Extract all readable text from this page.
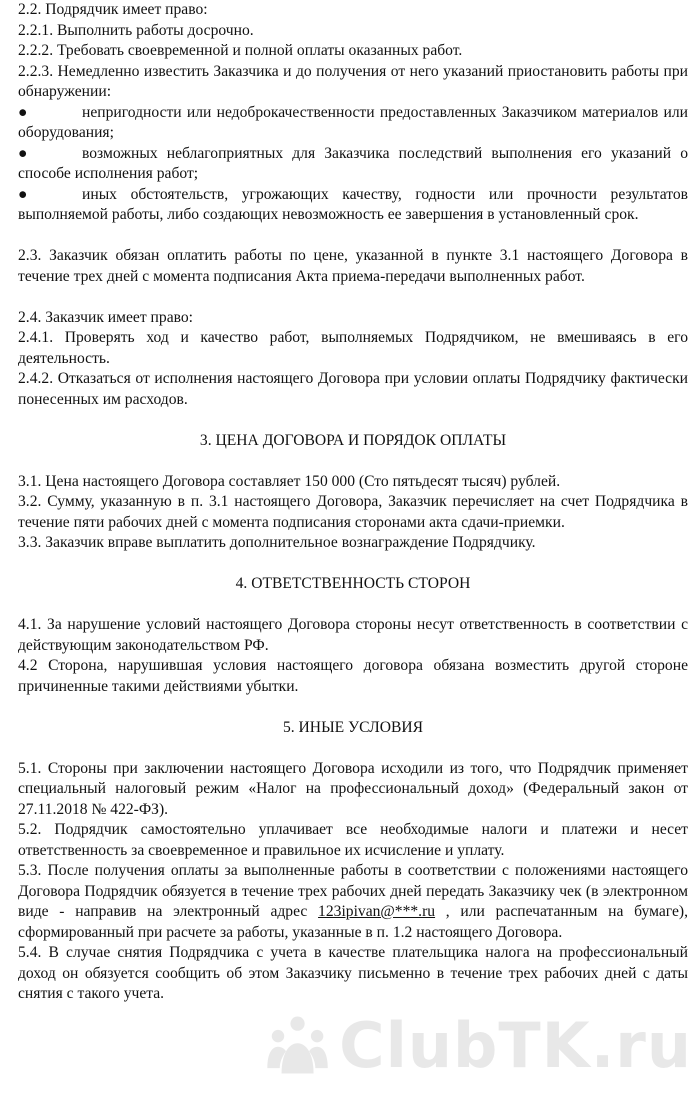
2.2. Подрядчик имеет право:

2.2.1. Выполнить работы досрочно.

2.2.2. Требовать своевременной и полной оплаты оказанных работ.

2.2.3. Немедленно известить Заказчика и до получения от него указаний приостановить работы при обнаружении:

●	непригодности или недоброкачественности предоставленных Заказчиком материалов или оборудования;

●	возможных неблагоприятных для Заказчика последствий выполнения его указаний о способе исполнения работ;

●	иных обстоятельств, угрожающих качеству, годности или прочности результатов выполняемой работы, либо создающих невозможность ее завершения в установленный срок.

2.3. Заказчик обязан оплатить работы по цене, указанной в пункте 3.1 настоящего Договора в течение трех дней с момента подписания Акта приема-передачи выполненных работ.

2.4. Заказчик имеет право:

2.4.1. Проверять ход и качество работ, выполняемых Подрядчиком, не вмешиваясь в его деятельность.

2.4.2. Отказаться от исполнения настоящего Договора при условии оплаты Подрядчику фактически понесенных им расходов.

3. ЦЕНА ДОГОВОРА И ПОРЯДОК ОПЛАТЫ

3.1. Цена настоящего Договора составляет 150 000 (Сто пятьдесят тысяч) рублей.

3.2. Сумму, указанную в п. 3.1 настоящего Договора, Заказчик перечисляет на счет Подрядчика в течение пяти рабочих дней с момента подписания сторонами акта сдачи-приемки.

3.3. Заказчик вправе выплатить дополнительное вознаграждение Подрядчику.

4. ОТВЕТСТВЕННОСТЬ СТОРОН

4.1. За нарушение условий настоящего Договора стороны несут ответственность в соответствии с действующим законодательством РФ.

4.2 Сторона, нарушившая условия настоящего договора обязана возместить другой стороне причиненные такими действиями убытки.

5. ИНЫЕ УСЛОВИЯ

5.1. Стороны при заключении настоящего Договора исходили из того, что Подрядчик применяет специальный налоговый режим «Налог на профессиональный доход» (Федеральный закон от 27.11.2018 № 422-ФЗ).

5.2. Подрядчик самостоятельно уплачивает все необходимые налоги и платежи и несет ответственность за своевременное и правильное их исчисление и уплату.

5.3. После получения оплаты за выполненные работы в соответствии с положениями настоящего Договора Подрядчик обязуется в течение трех рабочих дней передать Заказчику чек (в электронном виде - направив на электронный адрес 123ipivan@***.ru , или распечатанным на бумаге), сформированный при расчете за работы, указанные в п. 1.2 настоящего Договора.

5.4. В случае снятия Подрядчика с учета в качестве плательщика налога на профессиональный доход он обязуется сообщить об этом Заказчику письменно в течение трех рабочих дней с даты снятия с такого учета.

ClubTK.ru
